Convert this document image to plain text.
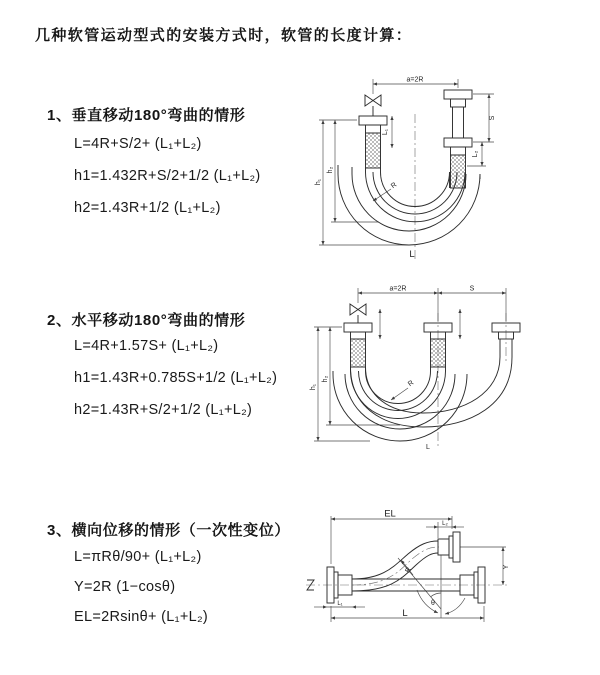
几种软管运动型式的安装方式时，软管的长度计算：
1、垂直移动180°弯曲的情形
L=4R+S/2+ (L₁+L₂)
h1=1.432R+S/2+1/2 (L₁+L₂)
h2=1.43R+1/2 (L₁+L₂)
2、水平移动180°弯曲的情形
L=4R+1.57S+ (L₁+L₂)
h1=1.43R+0.785S+1/2 (L₁+L₂)
h2=1.43R+S/2+1/2 (L₁+L₂)
3、横向位移的情形（一次性变位）
L=πRθ/90+ (L₁+L₂)
Y=2R (1−cosθ)
EL=2Rsinθ+ (L₁+L₂)
a=2R
h₁
h₂
L₁
S
L₂
R
L
a=2R	S
h₁
h₂
R
L
EL
L₂
Y
L₁
R
θ
L
